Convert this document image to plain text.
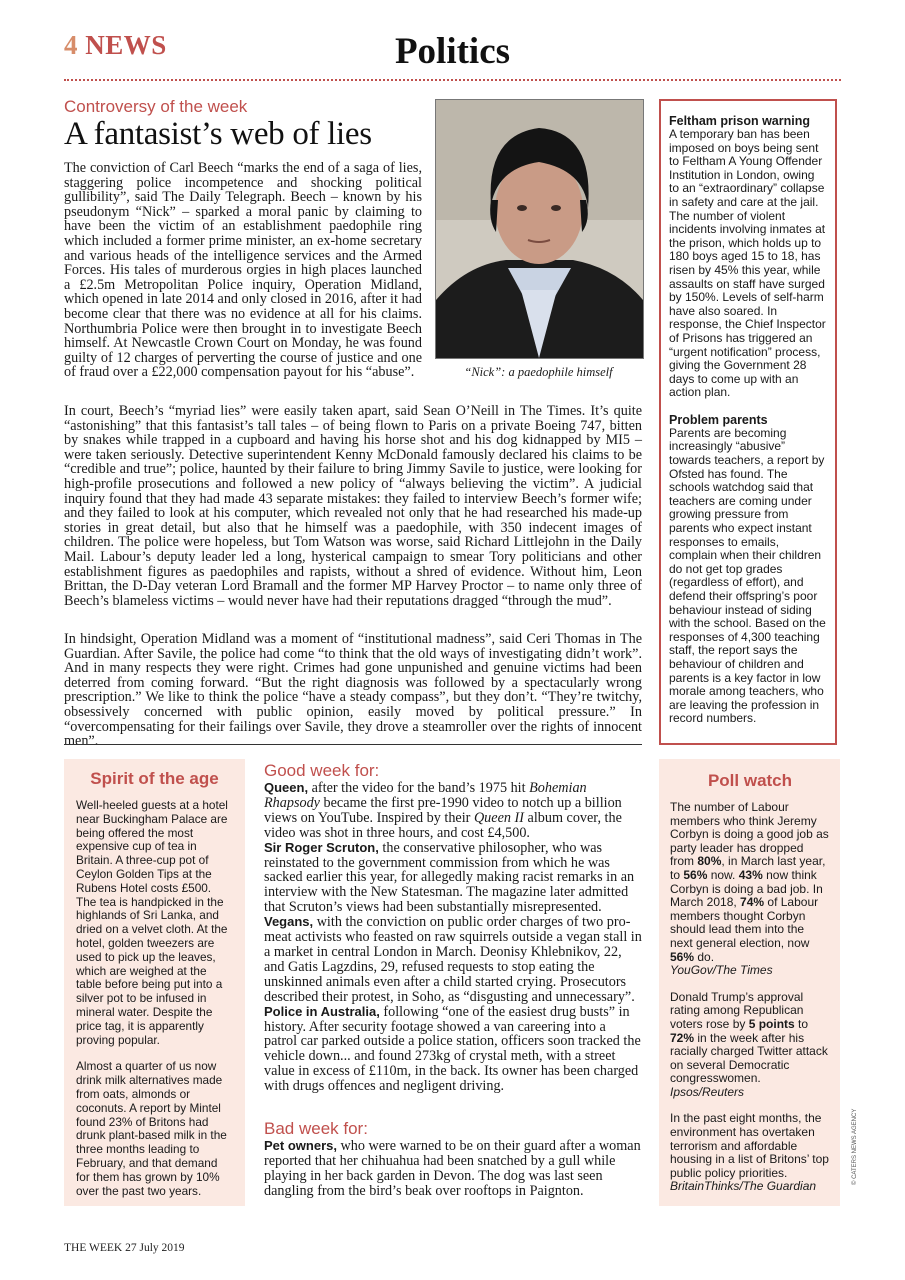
4 NEWS	Politics
Controversy of the week
A fantasist’s web of lies
The conviction of Carl Beech “marks the end of a saga of lies, staggering police incompetence and shocking political gullibility”, said The Daily Telegraph. Beech – known by his pseudonym “Nick” – sparked a moral panic by claiming to have been the victim of an establishment paedophile ring which included a former prime minister, an ex-home secretary and various heads of the intelligence services and the Armed Forces. His tales of murderous orgies in high places launched a £2.5m Metropolitan Police inquiry, Operation Midland, which opened in late 2014 and only closed in 2016, after it had become clear that there was no evidence at all for his claims. Northumbria Police were then brought in to investigate Beech himself. At Newcastle Crown Court on Monday, he was found guilty of 12 charges of perverting the course of justice and one of fraud over a £22,000 compensation payout for his “abuse”.	“Nick”: a paedophile himself
In court, Beech’s “myriad lies” were easily taken apart, said Sean O’Neill in The Times. It’s quite “astonishing” that this fantasist’s tall tales – of being flown to Paris on a private Boeing 747, bitten by snakes while trapped in a cupboard and having his horse shot and his dog kidnapped by MI5 – were taken seriously. Detective superintendent Kenny McDonald famously declared his claims to be “credible and true”; police, haunted by their failure to bring Jimmy Savile to justice, were looking for high-profile prosecutions and followed a new policy of “always believing the victim”. A judicial inquiry found that they had made 43 separate mistakes: they failed to interview Beech’s former wife; and they failed to look at his computer, which revealed not only that he had researched his made-up stories in great detail, but also that he himself was a paedophile, with 350 indecent images of children. The police were hopeless, but Tom Watson was worse, said Richard Littlejohn in the Daily Mail. Labour’s deputy leader led a long, hysterical campaign to smear Tory politicians and other establishment figures as paedophiles and rapists, without a shred of evidence. Without him, Leon Brittan, the D-Day veteran Lord Bramall and the former MP Harvey Proctor – to name only three of Beech’s blameless victims – would never have had their reputations dragged “through the mud”.
In hindsight, Operation Midland was a moment of “institutional madness”, said Ceri Thomas in The Guardian. After Savile, the police had come “to think that the old ways of investigating didn’t work”. And in many respects they were right. Crimes had gone unpunished and genuine victims had been deterred from coming forward. “But the right diagnosis was followed by a spectacularly wrong prescription.” We like to think the police “have a steady compass”, but they don’t. “They’re twitchy, obsessively concerned with public opinion, easily moved by political pressure.” In “overcompensating for their failings over Savile, they drove a steamroller over the rights of innocent men”.
Feltham prison warning
A temporary ban has been imposed on boys being sent to Feltham A Young Offender Institution in London, owing to an “extraordinary” collapse in safety and care at the jail. The number of violent incidents involving inmates at the prison, which holds up to 180 boys aged 15 to 18, has risen by 45% this year, while assaults on staff have surged by 150%. Levels of self-harm have also soared. In response, the Chief Inspector of Prisons has triggered an “urgent notification” process, giving the Government 28 days to come up with an action plan.
Problem parents
Parents are becoming increasingly “abusive” towards teachers, a report by Ofsted has found. The schools watchdog said that teachers are coming under growing pressure from parents who expect instant responses to emails, complain when their children do not get top grades (regardless of effort), and defend their offspring’s poor behaviour instead of siding with the school. Based on the responses of 4,300 teaching staff, the report says the behaviour of children and parents is a key factor in low morale among teachers, who are leaving the profession in record numbers.
Spirit of the age
Well-heeled guests at a hotel near Buckingham Palace are being offered the most expensive cup of tea in Britain. A three-cup pot of Ceylon Golden Tips at the Rubens Hotel costs £500. The tea is handpicked in the highlands of Sri Lanka, and dried on a velvet cloth. At the hotel, golden tweezers are used to pick up the leaves, which are weighed at the table before being put into a silver pot to be infused in mineral water. Despite the price tag, it is apparently proving popular.
Almost a quarter of us now drink milk alternatives made from oats, almonds or coconuts. A report by Mintel found 23% of Britons had drunk plant-based milk in the three months leading to February, and that demand for them has grown by 10% over the past two years.
Good week for:
Queen, after the video for the band’s 1975 hit Bohemian Rhapsody became the first pre-1990 video to notch up a billion views on YouTube. Inspired by their Queen II album cover, the video was shot in three hours, and cost £4,500.
Sir Roger Scruton, the conservative philosopher, who was reinstated to the government commission from which he was sacked earlier this year, for allegedly making racist remarks in an interview with the New Statesman. The magazine later admitted that Scruton’s views had been substantially misrepresented.
Vegans, with the conviction on public order charges of two pro-meat activists who feasted on raw squirrels outside a vegan stall in a market in central London in March. Deonisy Khlebnikov, 22, and Gatis Lagzdins, 29, refused requests to stop eating the unskinned animals even after a child started crying. Prosecutors described their protest, in Soho, as “disgusting and unnecessary”.
Police in Australia, following “one of the easiest drug busts” in history. After security footage showed a van careering into a patrol car parked outside a police station, officers soon tracked the vehicle down... and found 273kg of crystal meth, with a street value in excess of £110m, in the back. Its owner has been charged with drugs offences and negligent driving.
Bad week for:
Pet owners, who were warned to be on their guard after a woman reported that her chihuahua had been snatched by a gull while playing in her back garden in Devon. The dog was last seen dangling from the bird’s beak over rooftops in Paignton.
Poll watch
The number of Labour members who think Jeremy Corbyn is doing a good job as party leader has dropped from 80%, in March last year, to 56% now. 43% now think Corbyn is doing a bad job. In March 2018, 74% of Labour members thought Corbyn should lead them into the next general election, now 56% do.
YouGov/The Times
Donald Trump’s approval rating among Republican voters rose by 5 points to 72% in the week after his racially charged Twitter attack on several Democratic congresswomen.
Ipsos/Reuters
In the past eight months, the environment has overtaken terrorism and affordable housing in a list of Britons’ top public policy priorities.
BritainThinks/The Guardian
© CATERS NEWS AGENCY
THE WEEK 27 July 2019
